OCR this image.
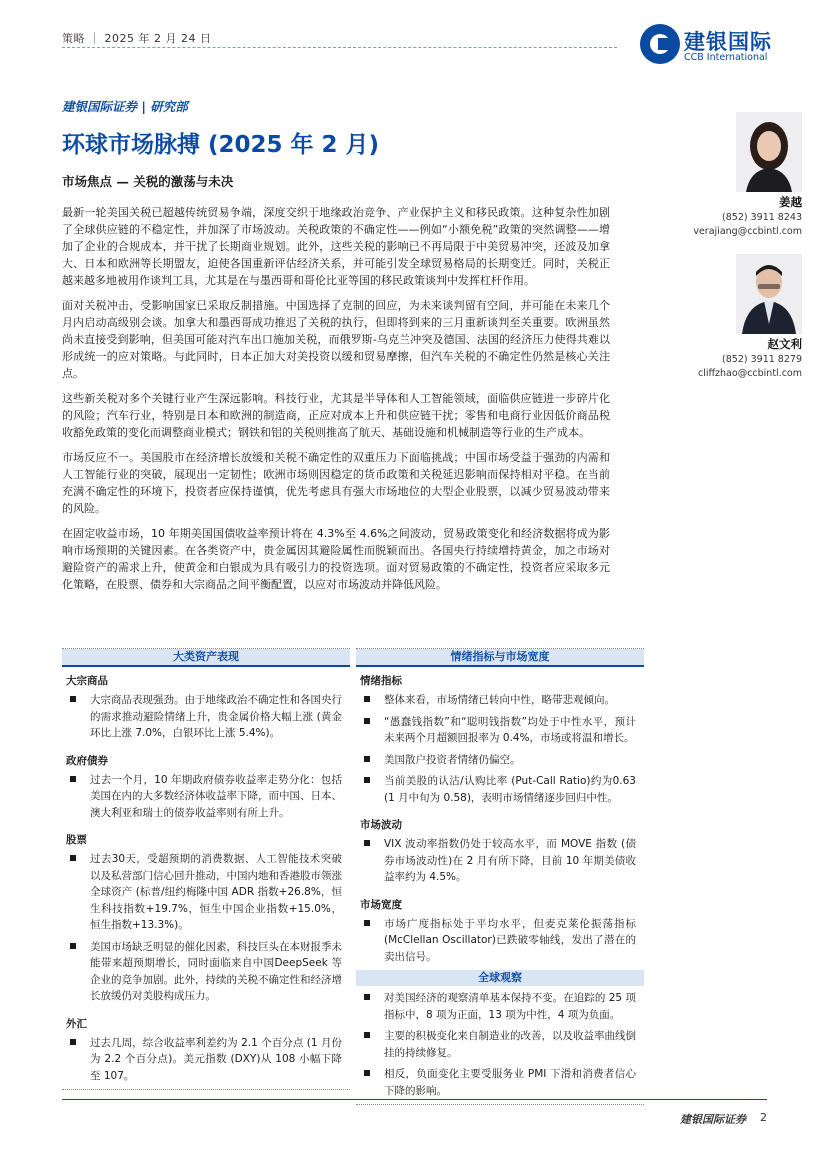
策略 ｜ 2025 年 2 月 24 日	建银国际
CCB International
建银国际证券 | 研究部
环球市场脉搏 (2025 年 2 月)
市场焦点 — 关税的激荡与未决

最新一轮美国关税已超越传统贸易争端，深度交织于地缘政治竞争、产业保护主义和移民政策。这种复杂性加剧了全球供应链的不稳定性，并加深了市场波动。关税政策的不确定性——例如“小额免税”政策的突然调整——增加了企业的合规成本，并干扰了长期商业规划。此外，这些关税的影响已不再局限于中美贸易冲突，还波及加拿大、日本和欧洲等长期盟友，迫使各国重新评估经济关系，并可能引发全球贸易格局的长期变迁。同时，关税正越来越多地被用作谈判工具，尤其是在与墨西哥和哥伦比亚等国的移民政策谈判中发挥杠杆作用。

面对关税冲击，受影响国家已采取反制措施。中国选择了克制的回应，为未来谈判留有空间，并可能在未来几个月内启动高级别会谈。加拿大和墨西哥成功推迟了关税的执行，但即将到来的三月重新谈判至关重要。欧洲虽然尚未直接受到影响，但美国可能对汽车出口施加关税，而俄罗斯-乌克兰冲突及德国、法国的经济压力使得共难以形成统一的应对策略。与此同时，日本正加大对美投资以缓和贸易摩擦，但汽车关税的不确定性仍然是核心关注点。

这些新关税对多个关键行业产生深远影响。科技行业，尤其是半导体和人工智能领域，面临供应链进一步碎片化的风险；汽车行业，特别是日本和欧洲的制造商，正应对成本上升和供应链干扰；零售和电商行业因低价商品税收豁免政策的变化而调整商业模式；钢铁和铝的关税则推高了航天、基础设施和机械制造等行业的生产成本。

市场反应不一。美国股市在经济增长放缓和关税不确定性的双重压力下面临挑战；中国市场受益于强劲的内需和人工智能行业的突破，展现出一定韧性；欧洲市场则因稳定的货币政策和关税延迟影响而保持相对平稳。在当前充满不确定性的环境下，投资者应保持谨慎，优先考虑具有强大市场地位的大型企业股票，以减少贸易波动带来的风险。

在固定收益市场，10 年期美国国债收益率预计将在 4.3%至 4.6%之间波动，贸易政策变化和经济数据将成为影响市场预期的关键因素。在各类资产中，贵金属因其避险属性而脱颖而出。各国央行持续增持黄金，加之市场对避险资产的需求上升，使黄金和白银成为具有吸引力的投资选项。面对贸易政策的不确定性，投资者应采取多元化策略，在股票、债券和大宗商品之间平衡配置，以应对市场波动并降低风险。

姜越
(852) 3911 8243
verajiang@ccbintl.com
赵文利
(852) 3911 8279
cliffzhao@ccbintl.com
大类资产表现
大宗商品
大宗商品表现强劲。由于地缘政治不确定性和各国央行的需求推动避险情绪上升，贵金属价格大幅上涨 (黄金环比上涨 7.0%，白银环比上涨 5.4%)。
政府债券
过去一个月，10 年期政府债券收益率走势分化：包括美国在内的大多数经济体收益率下降，而中国、日本、澳大利亚和瑞士的债券收益率则有所上升。
股票
过去30天，受超预期的消费数据、人工智能技术突破以及私营部门信心回升推动，中国内地和香港股市领涨全球资产 (标普/纽约梅隆中国 ADR 指数+26.8%，恒生科技指数+19.7%，恒生中国企业指数+15.0%，恒生指数+13.3%)。
美国市场缺乏明显的催化因素，科技巨头在本财报季未能带来超预期增长，同时面临来自中国DeepSeek 等企业的竞争加剧。此外，持续的关税不确定性和经济增长放缓仍对美股构成压力。
外汇
过去几周，综合收益率利差约为 2.1 个百分点 (1 月份为 2.2 个百分点)。美元指数 (DXY)从 108 小幅下降至 107。
情绪指标与市场宽度
情绪指标
整体来看，市场情绪已转向中性，略带悲观倾向。
“愚蠢钱指数”和“聪明钱指数”均处于中性水平，预计未来两个月超额回报率为 0.4%，市场或将温和增长。
美国散户投资者情绪仍偏空。
当前美股的认沽/认购比率 (Put-Call Ratio)约为0.63 (1 月中旬为 0.58)，表明市场情绪逐步回归中性。
市场波动
VIX 波动率指数仍处于较高水平，而 MOVE 指数 (债券市场波动性)在 2 月有所下降，目前 10 年期美债收益率约为 4.5%。
市场宽度
市场广度指标处于平均水平，但麦克莱伦振荡指标 (McClellan Oscillator)已跌破零轴线，发出了潜在的卖出信号。
全球观察
对美国经济的观察清单基本保持不变。在追踪的 25 项指标中，8 项为正面，13 项为中性，4 项为负面。
主要的积极变化来自制造业的改善，以及收益率曲线倒挂的持续修复。
相反，负面变化主要受服务业 PMI 下滑和消费者信心下降的影响。
建银国际证券 2
